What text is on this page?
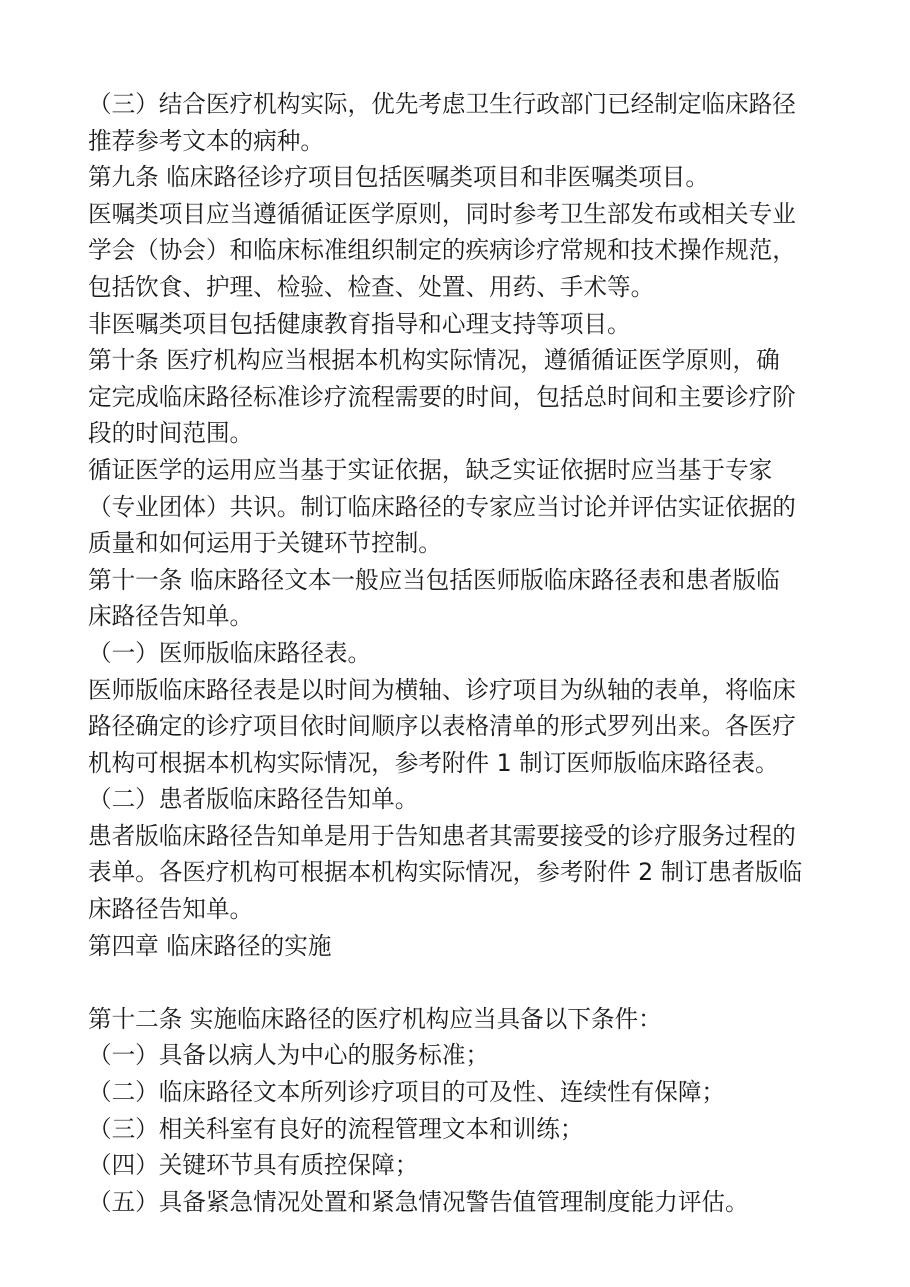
（三）结合医疗机构实际，优先考虑卫生行政部门已经制定临床路径
推荐参考文本的病种。
第九条 临床路径诊疗项目包括医嘱类项目和非医嘱类项目。
医嘱类项目应当遵循循证医学原则，同时参考卫生部发布或相关专业
学会（协会）和临床标准组织制定的疾病诊疗常规和技术操作规范，
包括饮食、护理、检验、检查、处置、用药、手术等。
非医嘱类项目包括健康教育指导和心理支持等项目。
第十条 医疗机构应当根据本机构实际情况，遵循循证医学原则，确
定完成临床路径标准诊疗流程需要的时间，包括总时间和主要诊疗阶
段的时间范围。
循证医学的运用应当基于实证依据，缺乏实证依据时应当基于专家
（专业团体）共识。制订临床路径的专家应当讨论并评估实证依据的
质量和如何运用于关键环节控制。
第十一条 临床路径文本一般应当包括医师版临床路径表和患者版临
床路径告知单。
（一）医师版临床路径表。
医师版临床路径表是以时间为横轴、诊疗项目为纵轴的表单，将临床
路径确定的诊疗项目依时间顺序以表格清单的形式罗列出来。各医疗
机构可根据本机构实际情况，参考附件 1 制订医师版临床路径表。
（二）患者版临床路径告知单。
患者版临床路径告知单是用于告知患者其需要接受的诊疗服务过程的
表单。各医疗机构可根据本机构实际情况，参考附件 2 制订患者版临
床路径告知单。
第四章 临床路径的实施
第十二条 实施临床路径的医疗机构应当具备以下条件：
（一）具备以病人为中心的服务标准；
（二）临床路径文本所列诊疗项目的可及性、连续性有保障；
（三）相关科室有良好的流程管理文本和训练；
（四）关键环节具有质控保障；
（五）具备紧急情况处置和紧急情况警告值管理制度能力评估。
